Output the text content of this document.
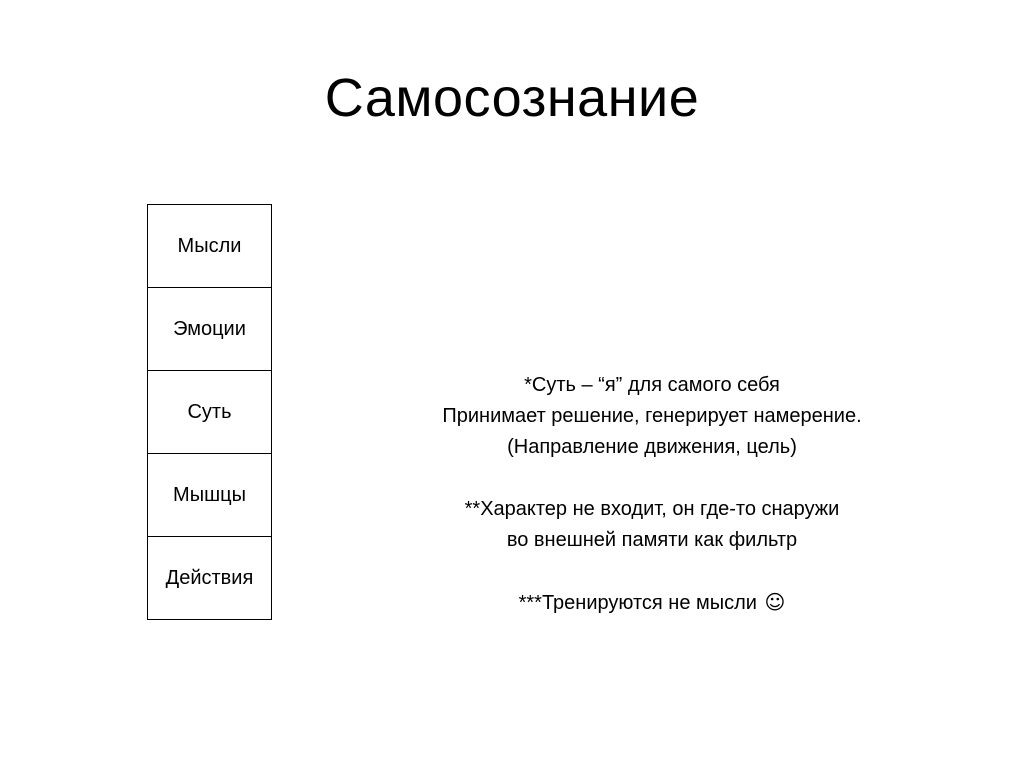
Самосознание
Мысли
Эмоции
Суть
Мышцы
Действия
*Суть – “я” для самого себя
Принимает решение, генерирует намерение.
(Направление движения, цель)
**Характер не входит, он где-то снаружи
во внешней памяти как фильтр
***Тренируются не мысли ☺
